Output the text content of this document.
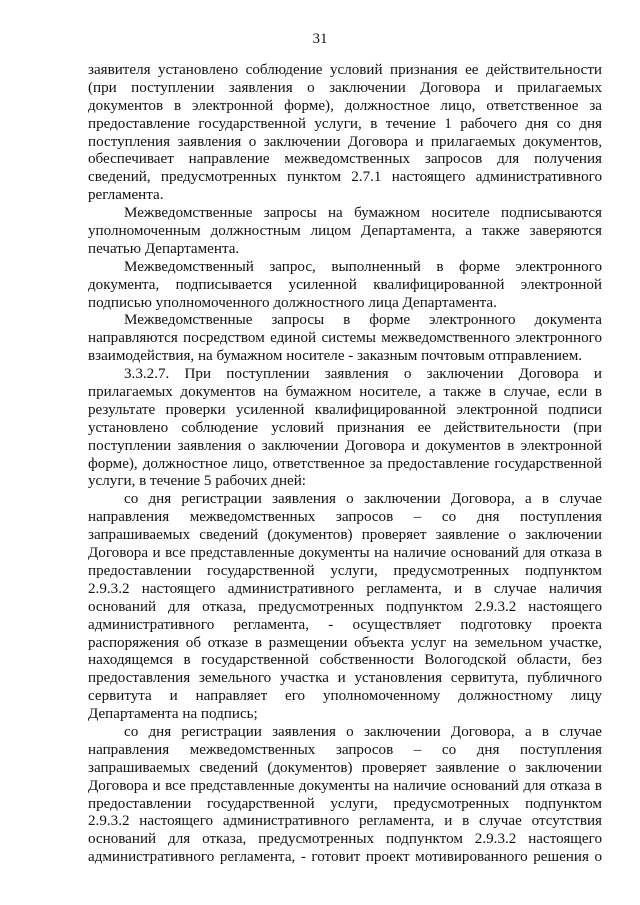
31
заявителя установлено соблюдение условий признания ее действительности
(при поступлении заявления о заключении Договора и прилагаемых
документов в электронной форме), должностное лицо, ответственное за
предоставление государственной услуги, в течение 1 рабочего дня со дня
поступления заявления о заключении Договора и прилагаемых документов,
обеспечивает направление межведомственных запросов для получения
сведений, предусмотренных пунктом 2.7.1 настоящего административного
регламента.
Межведомственные запросы на бумажном носителе подписываются
уполномоченным должностным лицом Департамента, а также заверяются
печатью Департамента.
Межведомственный запрос, выполненный в форме электронного
документа, подписывается усиленной квалифицированной электронной
подписью уполномоченного должностного лица Департамента.
Межведомственные запросы в форме электронного документа
направляются посредством единой системы межведомственного электронного
взаимодействия, на бумажном носителе - заказным почтовым отправлением.
3.3.2.7. При поступлении заявления о заключении Договора и
прилагаемых документов на бумажном носителе, а также в случае, если в
результате проверки усиленной квалифицированной электронной подписи
установлено соблюдение условий признания ее действительности (при
поступлении заявления о заключении Договора и документов в электронной
форме), должностное лицо, ответственное за предоставление государственной
услуги, в течение 5 рабочих дней:
со дня регистрации заявления о заключении Договора, а в случае
направления межведомственных запросов – со дня поступления
запрашиваемых сведений (документов) проверяет заявление о заключении
Договора и все представленные документы на наличие оснований для отказа в
предоставлении государственной услуги, предусмотренных подпунктом
2.9.3.2 настоящего административного регламента, и в случае наличия
оснований для отказа, предусмотренных подпунктом 2.9.3.2 настоящего
административного регламента, - осуществляет подготовку проекта
распоряжения об отказе в размещении объекта услуг на земельном участке,
находящемся в государственной собственности Вологодской области, без
предоставления земельного участка и установления сервитута, публичного
сервитута и направляет его уполномоченному должностному лицу
Департамента на подпись;
со дня регистрации заявления о заключении Договора, а в случае
направления межведомственных запросов – со дня поступления
запрашиваемых сведений (документов) проверяет заявление о заключении
Договора и все представленные документы на наличие оснований для отказа в
предоставлении государственной услуги, предусмотренных подпунктом
2.9.3.2 настоящего административного регламента, и в случае отсутствия
оснований для отказа, предусмотренных подпунктом 2.9.3.2 настоящего
административного регламента, - готовит проект мотивированного решения о
